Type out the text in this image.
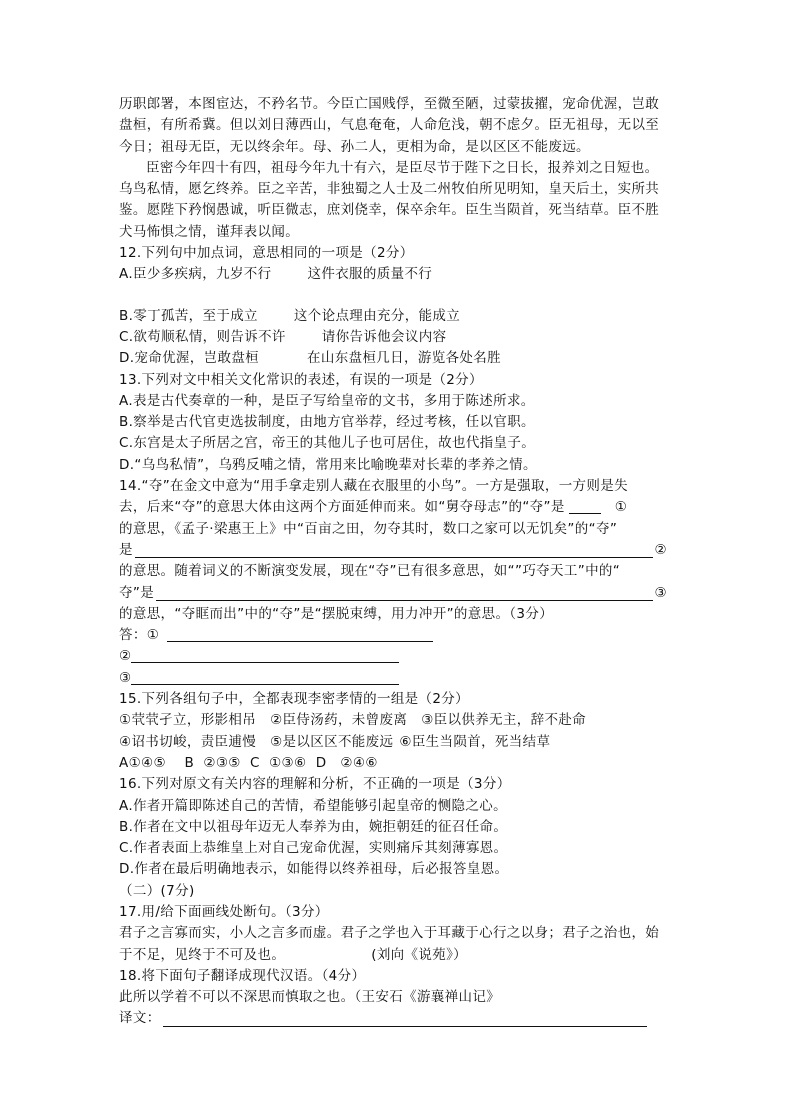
历职郎署，本图宦达，不矜名节。今臣亡国贱俘，至微至陋，过蒙拔擢，宠命优渥，岂敢
盘桓，有所希冀。但以刘日薄西山，气息奄奄，人命危浅，朝不虑夕。臣无祖母，无以至
今日；祖母无臣，无以终余年。母、孙二人，更相为命，是以区区不能废远。
臣密今年四十有四，祖母今年九十有六，是臣尽节于陛下之日长，报养刘之日短也。
乌鸟私情，愿乞终养。臣之辛苦，非独蜀之人士及二州牧伯所见明知，皇天后土，实所共
鉴。愿陛下矜悯愚诚，听臣微志，庶刘侥幸，保卒余年。臣生当陨首，死当结草。臣不胜
犬马怖惧之情，谨拜表以闻。
12.下列句中加点词，意思相同的一项是（2分）
A.臣少多疾病，九岁不行	这件衣服的质量不行
B.零丁孤苦，至于成立	这个论点理由充分，能成立
C.欲苟顺私情，则告诉不许	请你告诉他会议内容
D.宠命优渥，岂敢盘桓	在山东盘桓几日，游览各处名胜
13.下列对文中相关文化常识的表述，有误的一项是（2分）
A.表是古代奏章的一种，是臣子写给皇帝的文书，多用于陈述所求。
B.察举是古代官吏选拔制度，由地方官举荐，经过考核，任以官职。
C.东宫是太子所居之宫，帝王的其他儿子也可居住，故也代指皇子。
D.“乌鸟私情”，乌鸦反哺之情，常用来比喻晚辈对长辈的孝养之情。
14.“夺”在金文中意为“用手拿走别人藏在衣服里的小鸟”。一方是强取，一方则是失
去，后来“夺”的意思大体由这两个方面延伸而来。如“舅夺母志”的“夺”是	①
的意思，《孟子·梁惠王上》中“百亩之田，勿夺其时，数口之家可以无饥矣”的“夺”
是	②
的意思。随着词义的不断演变发展，现在“夺”已有很多意思，如“”巧夺天工”中的“
夺”是	③
的意思，“夺眶而出”中的“夺”是“摆脱束缚，用力冲开”的意思。（3分）
答：①
②
③
15.下列各组句子中，全都表现李密孝情的一组是（2分）
①茕茕孑立，形影相吊 ②臣侍汤药，未曾废离 ③臣以供养无主，辞不赴命
④诏书切峻，责臣逋慢 ⑤是以区区不能废远 ⑥臣生当陨首，死当结草
A①④⑤    B  ②③⑤  C  ①③⑥  D   ②④⑥
16.下列对原文有关内容的理解和分析，不正确的一项是（3分）
A.作者开篇即陈述自己的苦情，希望能够引起皇帝的恻隐之心。
B.作者在文中以祖母年迈无人奉养为由，婉拒朝廷的征召任命。
C.作者表面上恭维皇上对自己宠命优渥，实则痛斥其刻薄寡恩。
D.作者在最后明确地表示，如能得以终养祖母，后必报答皇恩。
（二）(7分)
17.用/给下面画线处断句。（3分）
君子之言寡而实，小人之言多而虚。君子之学也入于耳藏于心行之以身；君子之治也，始
于不足，见终于不可及也。	(刘向《说苑》）
18.将下面句子翻译成现代汉语。（4分）
此所以学着不可以不深思而慎取之也。（王安石《游襄禅山记》
译文：
